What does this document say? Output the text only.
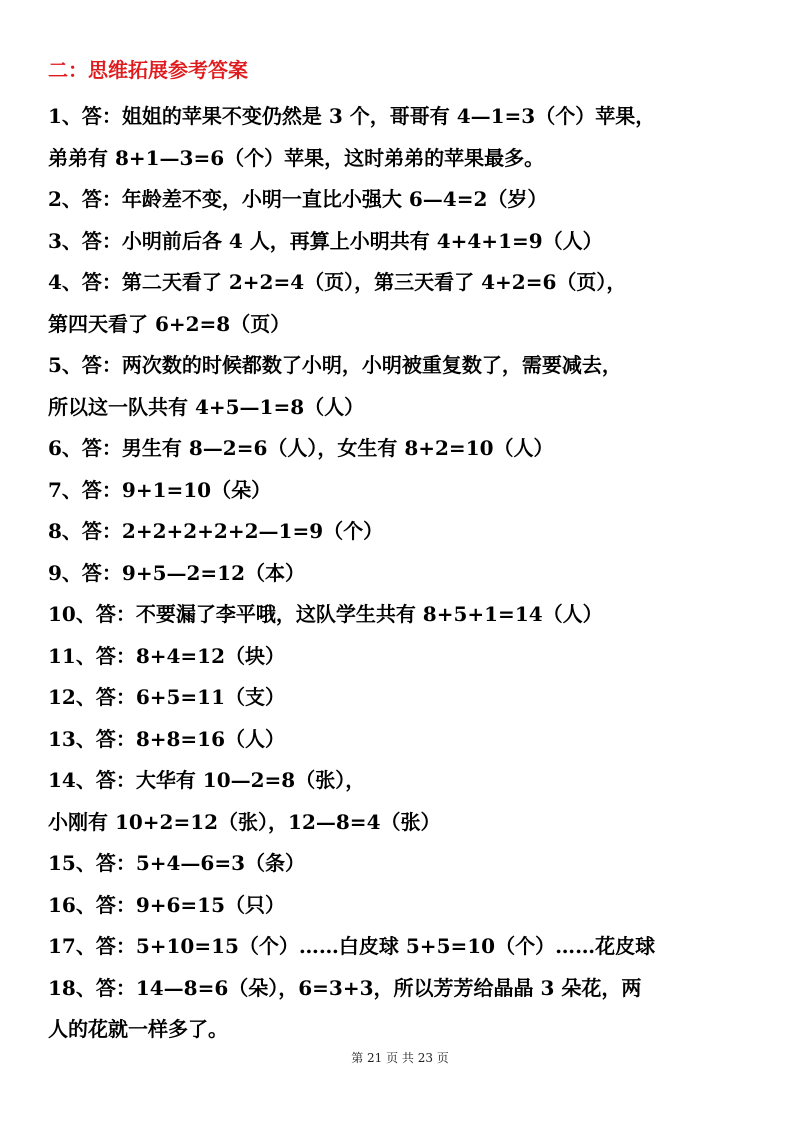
二：思维拓展参考答案
1、答：姐姐的苹果不变仍然是 3 个，哥哥有 4—1=3（个）苹果，
弟弟有 8+1—3=6（个）苹果，这时弟弟的苹果最多。
2、答：年龄差不变，小明一直比小强大 6—4=2（岁）
3、答：小明前后各 4 人，再算上小明共有 4+4+1=9（人）
4、答：第二天看了 2+2=4（页），第三天看了 4+2=6（页），
第四天看了 6+2=8（页）
5、答：两次数的时候都数了小明，小明被重复数了，需要减去，
所以这一队共有 4+5—1=8（人）
6、答：男生有 8—2=6（人），女生有 8+2=10（人）
7、答：9+1=10（朵）
8、答：2+2+2+2+2—1=9（个）
9、答：9+5—2=12（本）
10、答：不要漏了李平哦，这队学生共有 8+5+1=14（人）
11、答：8+4=12（块）
12、答：6+5=11（支）
13、答：8+8=16（人）
14、答：大华有 10—2=8（张），
小刚有 10+2=12（张），12—8=4（张）
15、答：5+4—6=3（条）
16、答：9+6=15（只）
17、答：5+10=15（个）……白皮球 5+5=10（个）……花皮球
18、答：14—8=6（朵），6=3+3，所以芳芳给晶晶 3 朵花，两
人的花就一样多了。
第 21 页 共 23 页
